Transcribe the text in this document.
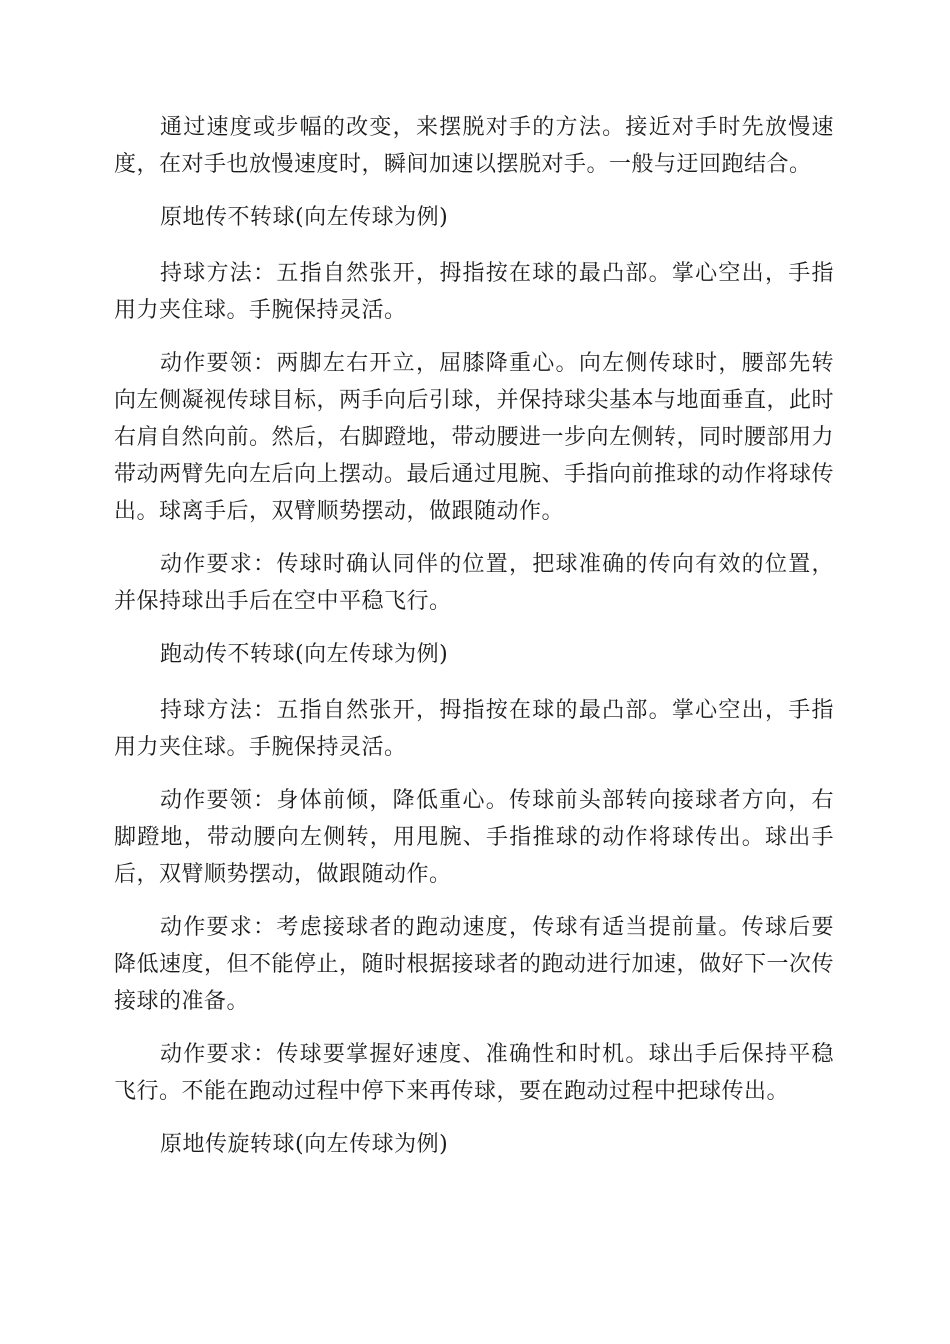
通过速度或步幅的改变，来摆脱对手的方法。接近对手时先放慢速度，在对手也放慢速度时，瞬间加速以摆脱对手。一般与迂回跑结合。

原地传不转球(向左传球为例)

持球方法：五指自然张开，拇指按在球的最凸部。掌心空出，手指用力夹住球。手腕保持灵活。

动作要领：两脚左右开立，屈膝降重心。向左侧传球时，腰部先转向左侧凝视传球目标，两手向后引球，并保持球尖基本与地面垂直，此时右肩自然向前。然后，右脚蹬地，带动腰进一步向左侧转，同时腰部用力带动两臂先向左后向上摆动。最后通过甩腕、手指向前推球的动作将球传出。球离手后，双臂顺势摆动，做跟随动作。

动作要求：传球时确认同伴的位置，把球准确的传向有效的位置，并保持球出手后在空中平稳飞行。

跑动传不转球(向左传球为例)

持球方法：五指自然张开，拇指按在球的最凸部。掌心空出，手指用力夹住球。手腕保持灵活。

动作要领：身体前倾，降低重心。传球前头部转向接球者方向，右脚蹬地，带动腰向左侧转，用甩腕、手指推球的动作将球传出。球出手后，双臂顺势摆动，做跟随动作。

动作要求：考虑接球者的跑动速度，传球有适当提前量。传球后要降低速度，但不能停止，随时根据接球者的跑动进行加速，做好下一次传接球的准备。

动作要求：传球要掌握好速度、准确性和时机。球出手后保持平稳飞行。不能在跑动过程中停下来再传球，要在跑动过程中把球传出。

原地传旋转球(向左传球为例)
